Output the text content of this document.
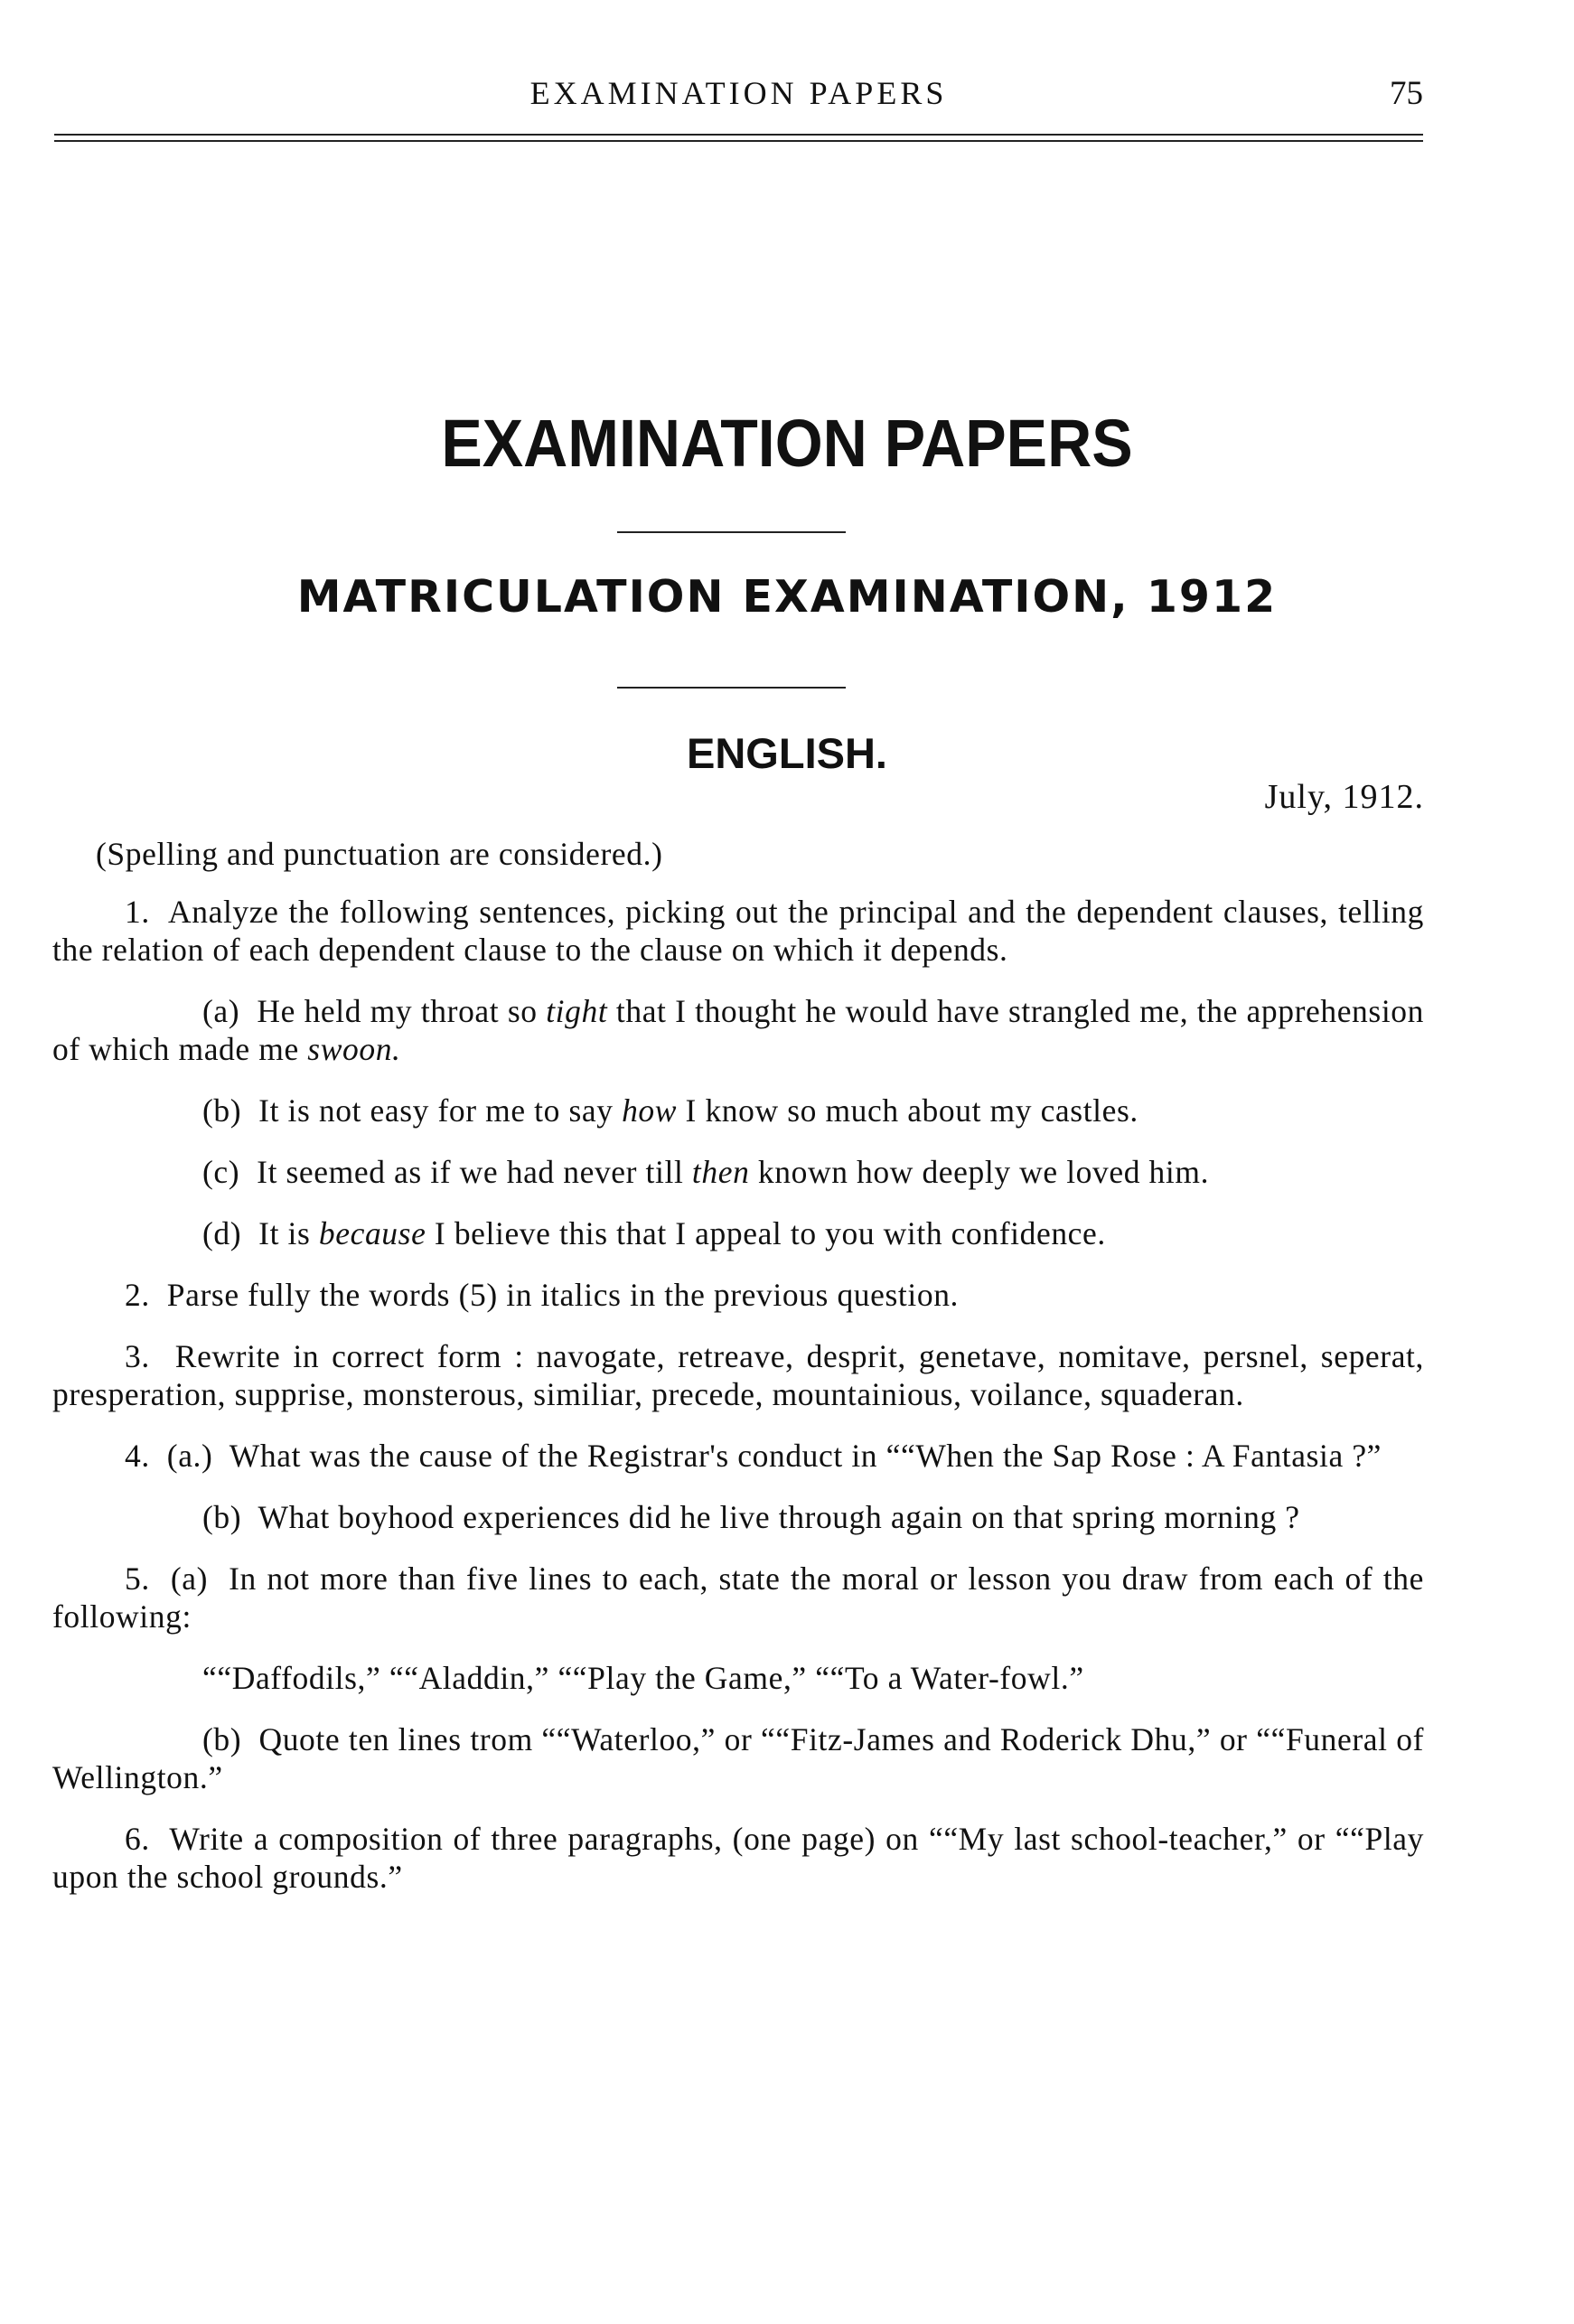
EXAMINATION PAPERS	75
EXAMINATION PAPERS
MATRICULATION EXAMINATION, 1912
ENGLISH.
July, 1912.

(Spelling and punctuation are considered.)

1. Analyze the following sentences, picking out the principal and the dependent clauses, telling the relation of each dependent clause to the clause on which it depends.

(a) He held my throat so tight that I thought he would have strangled me, the apprehension of which made me swoon.

(b) It is not easy for me to say how I know so much about my castles.

(c) It seemed as if we had never till then known how deeply we loved him.

(d) It is because I believe this that I appeal to you with confidence.

2. Parse fully the words (5) in italics in the previous question.

3. Rewrite in correct form : navogate, retreave, desprit, genetave, nomitave, persnel, seperat, presperation, supprise, monsterous, similiar, precede, mountainious, voilance, squaderan.

4. (a.) What was the cause of the Registrar's conduct in ““When the Sap Rose : A Fantasia ?”

(b) What boyhood experiences did he live through again on that spring morning ?

5. (a) In not more than five lines to each, state the moral or lesson you draw from each of the following:

““Daffodils,” ““Aladdin,” ““Play the Game,” ““To a Water-fowl.”

(b) Quote ten lines trom ““Waterloo,” or ““Fitz-James and Roderick Dhu,” or ““Funeral of Wellington.”

6. Write a composition of three paragraphs, (one page) on ““My last school-teacher,” or ““Play upon the school grounds.”
